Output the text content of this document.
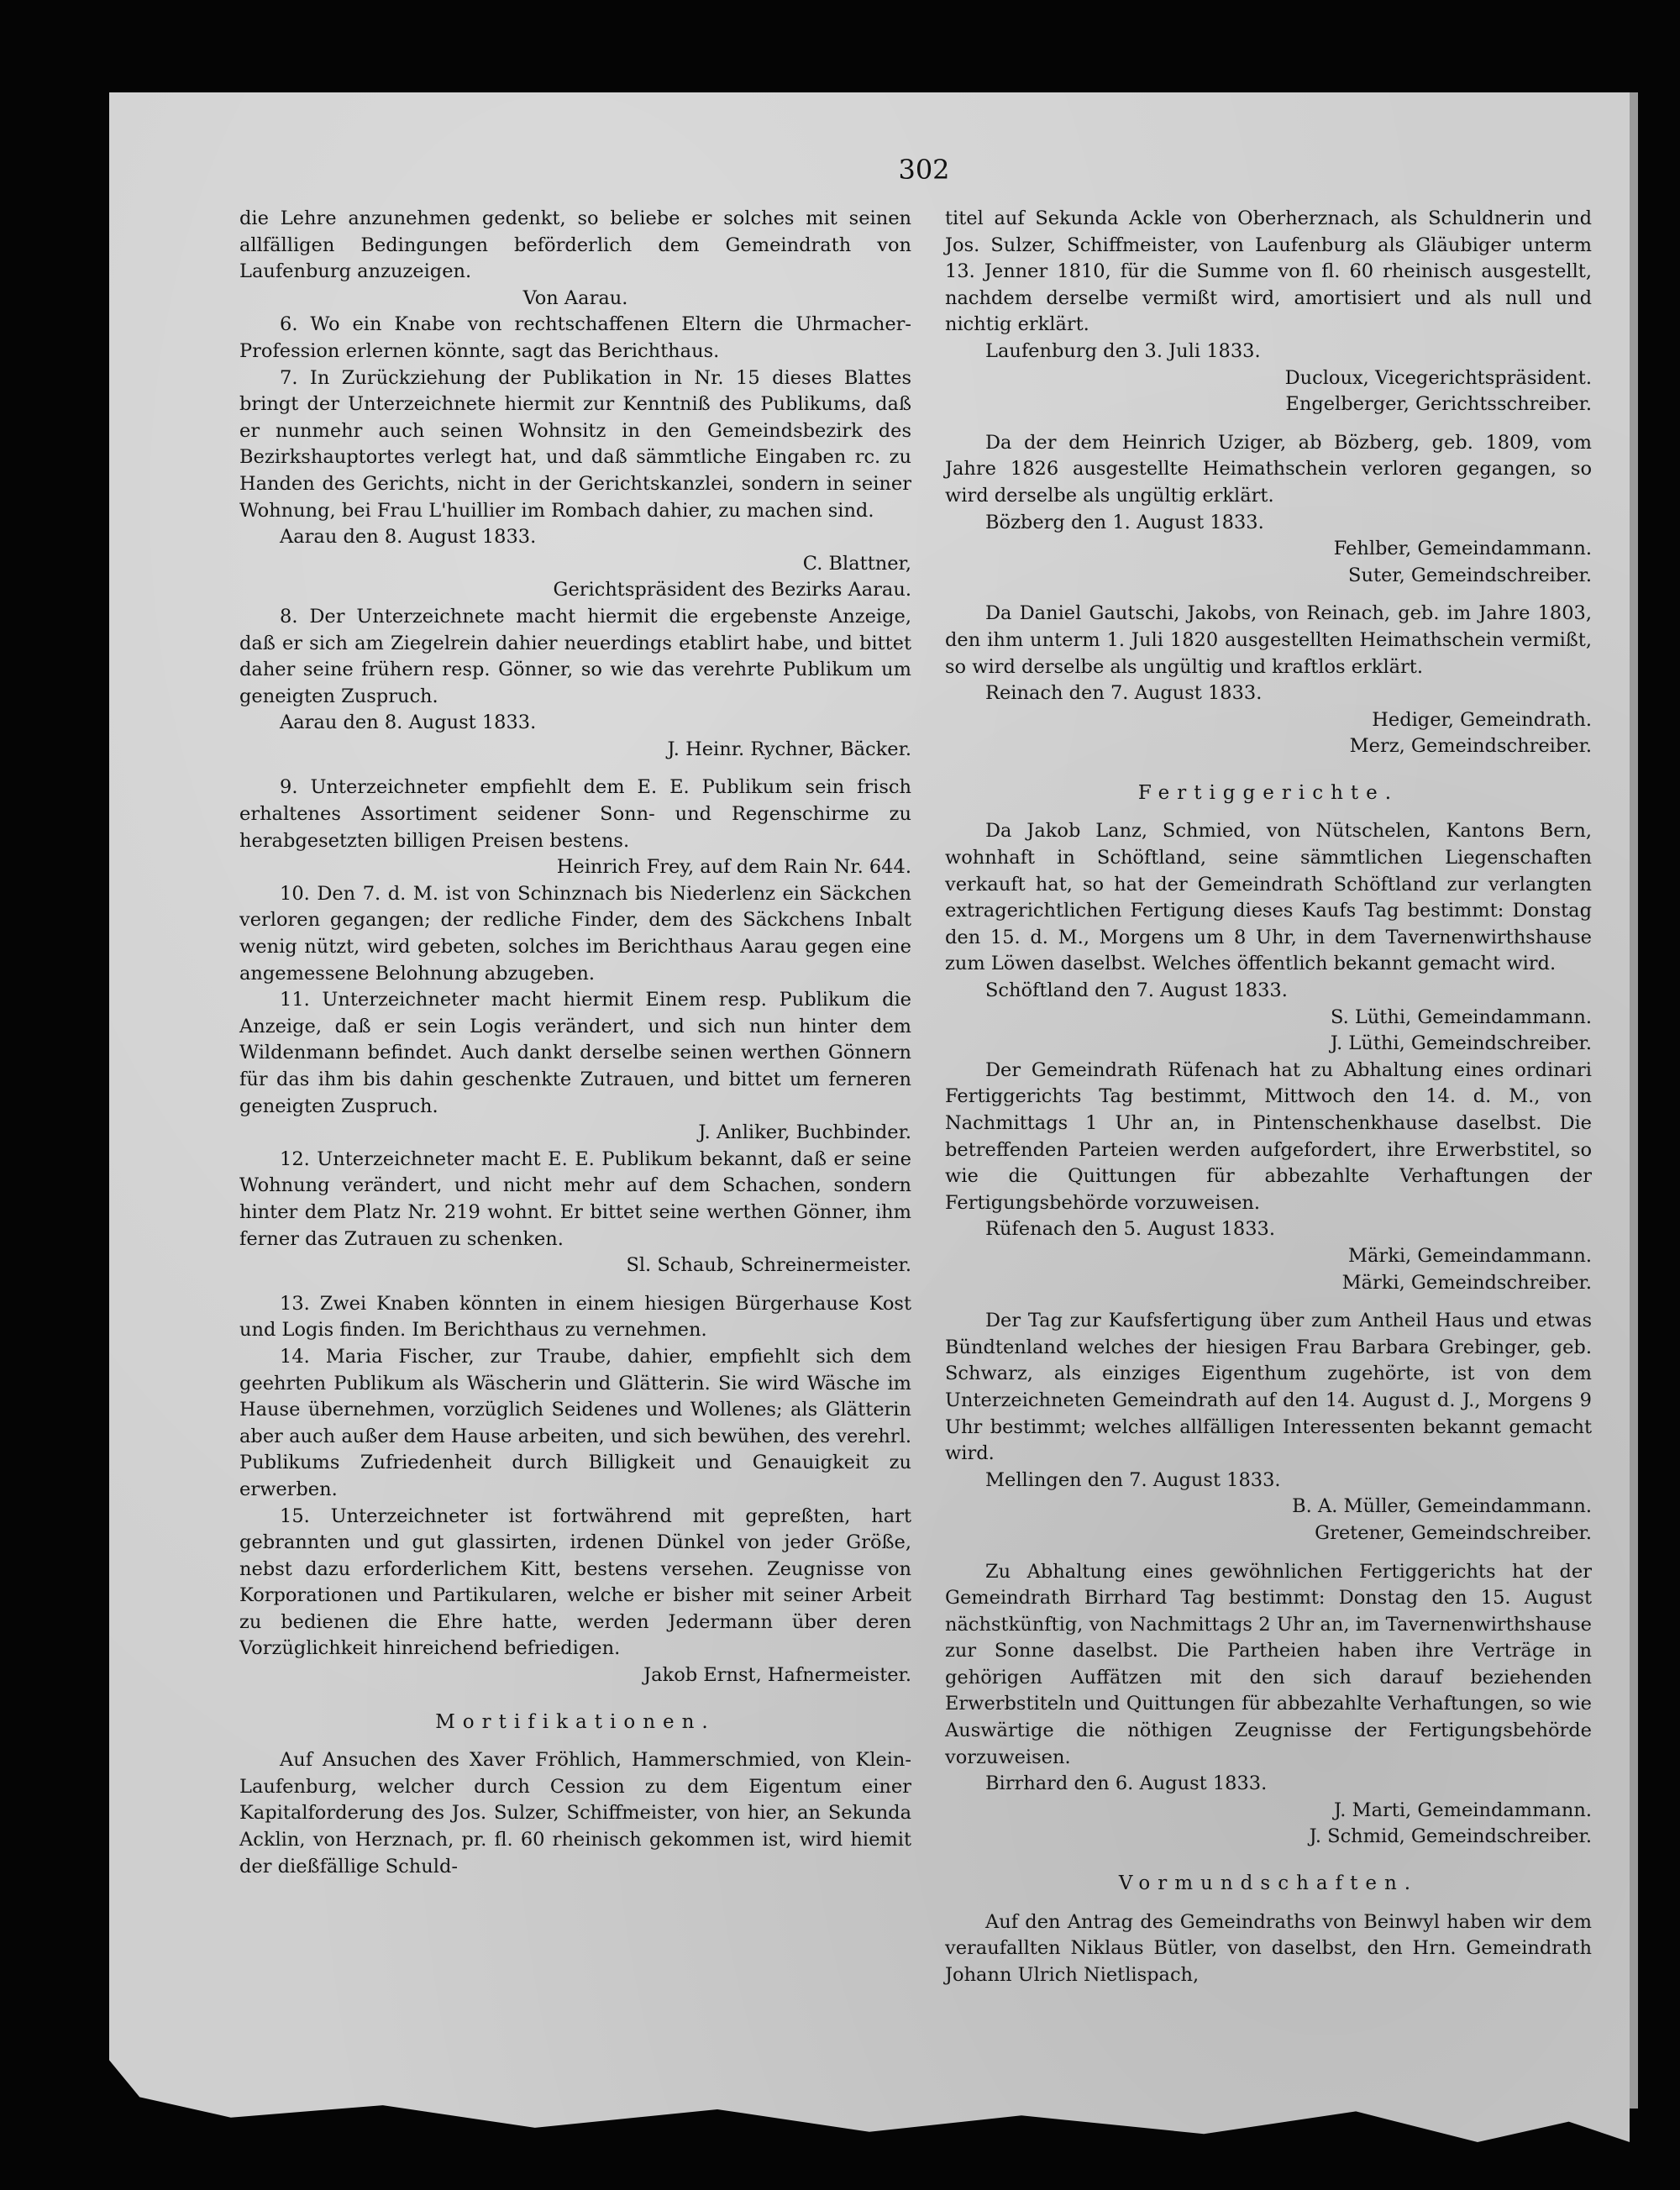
302

die Lehre anzunehmen gedenkt, so beliebe er solches mit seinen allfälligen Bedingungen beförderlich dem Gemeindrath von Laufenburg anzuzeigen.

Von Aarau.

6. Wo ein Knabe von rechtschaffenen Eltern die Uhrmacher-Profession erlernen könnte, sagt das Berichthaus.

7. In Zurückziehung der Publikation in Nr. 15 dieses Blattes bringt der Unterzeichnete hiermit zur Kenntniß des Publikums, daß er nunmehr auch seinen Wohnsitz in den Gemeindsbezirk des Bezirkshauptortes verlegt hat, und daß sämmtliche Eingaben rc. zu Handen des Gerichts, nicht in der Gerichtskanzlei, sondern in seiner Wohnung, bei Frau L'huillier im Rombach dahier, zu machen sind.

Aarau den 8. August 1833.

C. Blattner,

Gerichtspräsident des Bezirks Aarau.

8. Der Unterzeichnete macht hiermit die ergebenste Anzeige, daß er sich am Ziegelrein dahier neuerdings etablirt habe, und bittet daher seine frühern resp. Gönner, so wie das verehrte Publikum um geneigten Zuspruch.

Aarau den 8. August 1833.

J. Heinr. Rychner, Bäcker.

9. Unterzeichneter empfiehlt dem E. E. Publikum sein frisch erhaltenes Assortiment seidener Sonn- und Regenschirme zu herabgesetzten billigen Preisen bestens.

Heinrich Frey, auf dem Rain Nr. 644.

10. Den 7. d. M. ist von Schinznach bis Niederlenz ein Säckchen verloren gegangen; der redliche Finder, dem des Säckchens Inbalt wenig nützt, wird gebeten, solches im Berichthaus Aarau gegen eine angemessene Belohnung abzugeben.

11. Unterzeichneter macht hiermit Einem resp. Publikum die Anzeige, daß er sein Logis verändert, und sich nun hinter dem Wildenmann befindet. Auch dankt derselbe seinen werthen Gönnern für das ihm bis dahin geschenkte Zutrauen, und bittet um ferneren geneigten Zuspruch.

J. Anliker, Buchbinder.

12. Unterzeichneter macht E. E. Publikum bekannt, daß er seine Wohnung verändert, und nicht mehr auf dem Schachen, sondern hinter dem Platz Nr. 219 wohnt. Er bittet seine werthen Gönner, ihm ferner das Zutrauen zu schenken.

Sl. Schaub, Schreinermeister.

13. Zwei Knaben könnten in einem hiesigen Bürgerhause Kost und Logis finden. Im Berichthaus zu vernehmen.

14. Maria Fischer, zur Traube, dahier, empfiehlt sich dem geehrten Publikum als Wäscherin und Glätterin. Sie wird Wäsche im Hause übernehmen, vorzüglich Seidenes und Wollenes; als Glätterin aber auch außer dem Hause arbeiten, und sich bewühen, des verehrl. Publikums Zufriedenheit durch Billigkeit und Genauigkeit zu erwerben.

15. Unterzeichneter ist fortwährend mit gepreßten, hart gebrannten und gut glassirten, irdenen Dünkel von jeder Größe, nebst dazu erforderlichem Kitt, bestens versehen. Zeugnisse von Korporationen und Partikularen, welche er bisher mit seiner Arbeit zu bedienen die Ehre hatte, werden Jedermann über deren Vorzüglichkeit hinreichend befriedigen.

Jakob Ernst, Hafnermeister.

Mortifikationen.

Auf Ansuchen des Xaver Fröhlich, Hammerschmied, von Klein-Laufenburg, welcher durch Cession zu dem Eigentum einer Kapitalforderung des Jos. Sulzer, Schiffmeister, von hier, an Sekunda Acklin, von Herznach, pr. fl. 60 rheinisch gekommen ist, wird hiemit der dießfällige Schuld-

titel auf Sekunda Ackle von Oberherznach, als Schuldnerin und Jos. Sulzer, Schiffmeister, von Laufenburg als Gläubiger unterm 13. Jenner 1810, für die Summe von fl. 60 rheinisch ausgestellt, nachdem derselbe vermißt wird, amortisiert und als null und nichtig erklärt.

Laufenburg den 3. Juli 1833.

Ducloux, Vicegerichtspräsident.

Engelberger, Gerichtsschreiber.

Da der dem Heinrich Uziger, ab Bözberg, geb. 1809, vom Jahre 1826 ausgestellte Heimathschein verloren gegangen, so wird derselbe als ungültig erklärt.

Bözberg den 1. August 1833.

Fehlber, Gemeindammann.

Suter, Gemeindschreiber.

Da Daniel Gautschi, Jakobs, von Reinach, geb. im Jahre 1803, den ihm unterm 1. Juli 1820 ausgestellten Heimathschein vermißt, so wird derselbe als ungültig und kraftlos erklärt.

Reinach den 7. August 1833.

Hediger, Gemeindrath.

Merz, Gemeindschreiber.

Fertiggerichte.

Da Jakob Lanz, Schmied, von Nütschelen, Kantons Bern, wohnhaft in Schöftland, seine sämmtlichen Liegenschaften verkauft hat, so hat der Gemeindrath Schöftland zur verlangten extragerichtlichen Fertigung dieses Kaufs Tag bestimmt: Donstag den 15. d. M., Morgens um 8 Uhr, in dem Tavernenwirthshause zum Löwen daselbst. Welches öffentlich bekannt gemacht wird.

Schöftland den 7. August 1833.

S. Lüthi, Gemeindammann.

J. Lüthi, Gemeindschreiber.

Der Gemeindrath Rüfenach hat zu Abhaltung eines ordinari Fertiggerichts Tag bestimmt, Mittwoch den 14. d. M., von Nachmittags 1 Uhr an, in Pintenschenkhause daselbst. Die betreffenden Parteien werden aufgefordert, ihre Erwerbstitel, so wie die Quittungen für abbezahlte Verhaftungen der Fertigungsbehörde vorzuweisen.

Rüfenach den 5. August 1833.

Märki, Gemeindammann.

Märki, Gemeindschreiber.

Der Tag zur Kaufsfertigung über zum Antheil Haus und etwas Bündtenland welches der hiesigen Frau Barbara Grebinger, geb. Schwarz, als einziges Eigenthum zugehörte, ist von dem Unterzeichneten Gemeindrath auf den 14. August d. J., Morgens 9 Uhr bestimmt; welches allfälligen Interessenten bekannt gemacht wird.

Mellingen den 7. August 1833.

B. A. Müller, Gemeindammann.

Gretener, Gemeindschreiber.

Zu Abhaltung eines gewöhnlichen Fertiggerichts hat der Gemeindrath Birrhard Tag bestimmt: Donstag den 15. August nächstkünftig, von Nachmittags 2 Uhr an, im Tavernenwirthshause zur Sonne daselbst. Die Partheien haben ihre Verträge in gehörigen Auffätzen mit den sich darauf beziehenden Erwerbstiteln und Quittungen für abbezahlte Verhaftungen, so wie Auswärtige die nöthigen Zeugnisse der Fertigungsbehörde vorzuweisen.

Birrhard den 6. August 1833.

J. Marti, Gemeindammann.

J. Schmid, Gemeindschreiber.

Vormundschaften.

Auf den Antrag des Gemeindraths von Beinwyl haben wir dem veraufallten Niklaus Bütler, von daselbst, den Hrn. Gemeindrath Johann Ulrich Nietlispach,
